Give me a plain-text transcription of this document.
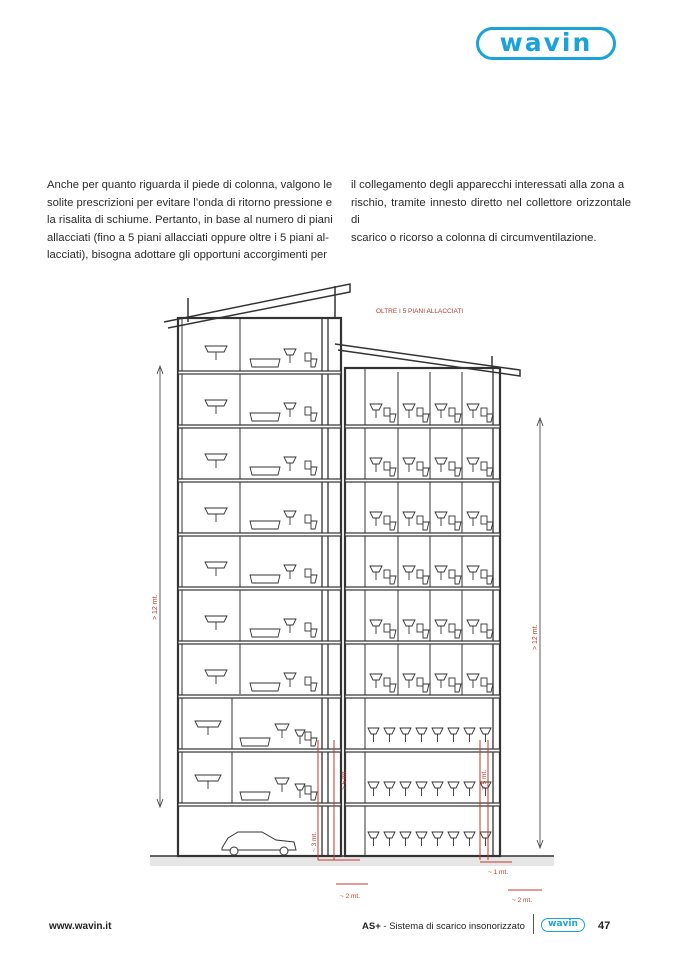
wavin
Anche per quanto riguarda il piede di colonna, valgono le
solite prescrizioni per evitare l’onda di ritorno pressione e
la risalita di schiume. Pertanto, in base al numero di piani
allacciati (fino a 5 piani allacciati oppure oltre i 5 piani al-
lacciati), bisogna adottare gli opportuni accorgimenti per
il collegamento degli apparecchi interessati alla zona a
rischio, tramite innesto diretto nel collettore orizzontale di
scarico o ricorso a colonna di circumventilazione.
OLTRE I 5 PIANI ALLACCIATI
> 12 mt.
> 12 mt.
> 5 mt.	> 5 mt.
~ 3 mt.
~ 2 mt.
~ 1 mt.
~ 2 mt.
www.wavin.it	AS+ - Sistema di scarico insonorizzato	wavin	47
